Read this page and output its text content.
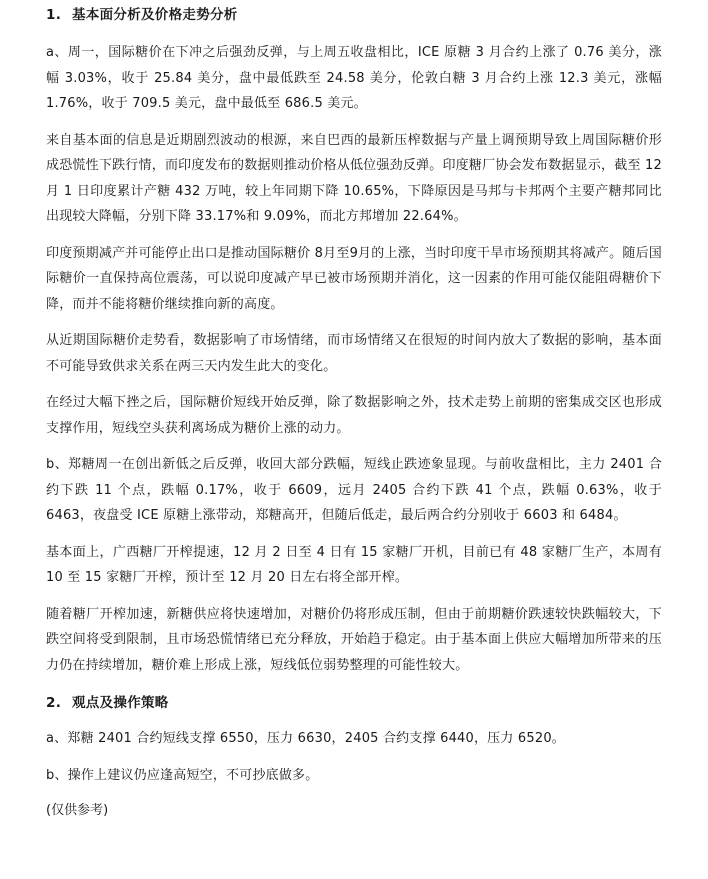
1. 基本面分析及价格走势分析

a、周一，国际糖价在下冲之后强劲反弹，与上周五收盘相比，ICE 原糖 3 月合约上涨了 0.76 美分，涨幅 3.03%，收于 25.84 美分，盘中最低跌至 24.58 美分，伦敦白糖 3 月合约上涨 12.3 美元，涨幅 1.76%，收于 709.5 美元，盘中最低至 686.5 美元。

来自基本面的信息是近期剧烈波动的根源，来自巴西的最新压榨数据与产量上调预期导致上周国际糖价形成恐慌性下跌行情，而印度发布的数据则推动价格从低位强劲反弹。印度糖厂协会发布数据显示，截至 12 月 1 日印度累计产糖 432 万吨，较上年同期下降 10.65%，下降原因是马邦与卡邦两个主要产糖邦同比出现较大降幅，分别下降 33.17%和 9.09%，而北方邦增加 22.64%。

印度预期减产并可能停止出口是推动国际糖价 8月至9月的上涨，当时印度干旱市场预期其将减产。随后国际糖价一直保持高位震荡，可以说印度减产早已被市场预期并消化，这一因素的作用可能仅能阻碍糖价下降，而并不能将糖价继续推向新的高度。

从近期国际糖价走势看，数据影响了市场情绪，而市场情绪又在很短的时间内放大了数据的影响，基本面不可能导致供求关系在两三天内发生此大的变化。

在经过大幅下挫之后，国际糖价短线开始反弹，除了数据影响之外，技术走势上前期的密集成交区也形成支撑作用，短线空头获利离场成为糖价上涨的动力。

b、郑糖周一在创出新低之后反弹，收回大部分跌幅，短线止跌迹象显现。与前收盘相比，主力 2401 合约下跌 11 个点，跌幅 0.17%，收于 6609，远月 2405 合约下跌 41 个点，跌幅 0.63%，收于 6463，夜盘受 ICE 原糖上涨带动，郑糖高开，但随后低走，最后两合约分别收于 6603 和 6484。

基本面上，广西糖厂开榨提速，12 月 2 日至 4 日有 15 家糖厂开机，目前已有 48 家糖厂生产，本周有 10 至 15 家糖厂开榨，预计至 12 月 20 日左右将全部开榨。

随着糖厂开榨加速，新糖供应将快速增加，对糖价仍将形成压制，但由于前期糖价跌速较快跌幅较大，下跌空间将受到限制，且市场恐慌情绪已充分释放，开始趋于稳定。由于基本面上供应大幅增加所带来的压力仍在持续增加，糖价难上形成上涨，短线低位弱势整理的可能性较大。

2. 观点及操作策略

a、郑糖 2401 合约短线支撑 6550，压力 6630，2405 合约支撑 6440，压力 6520。

b、操作上建议仍应逢高短空，不可抄底做多。

(仅供参考)
